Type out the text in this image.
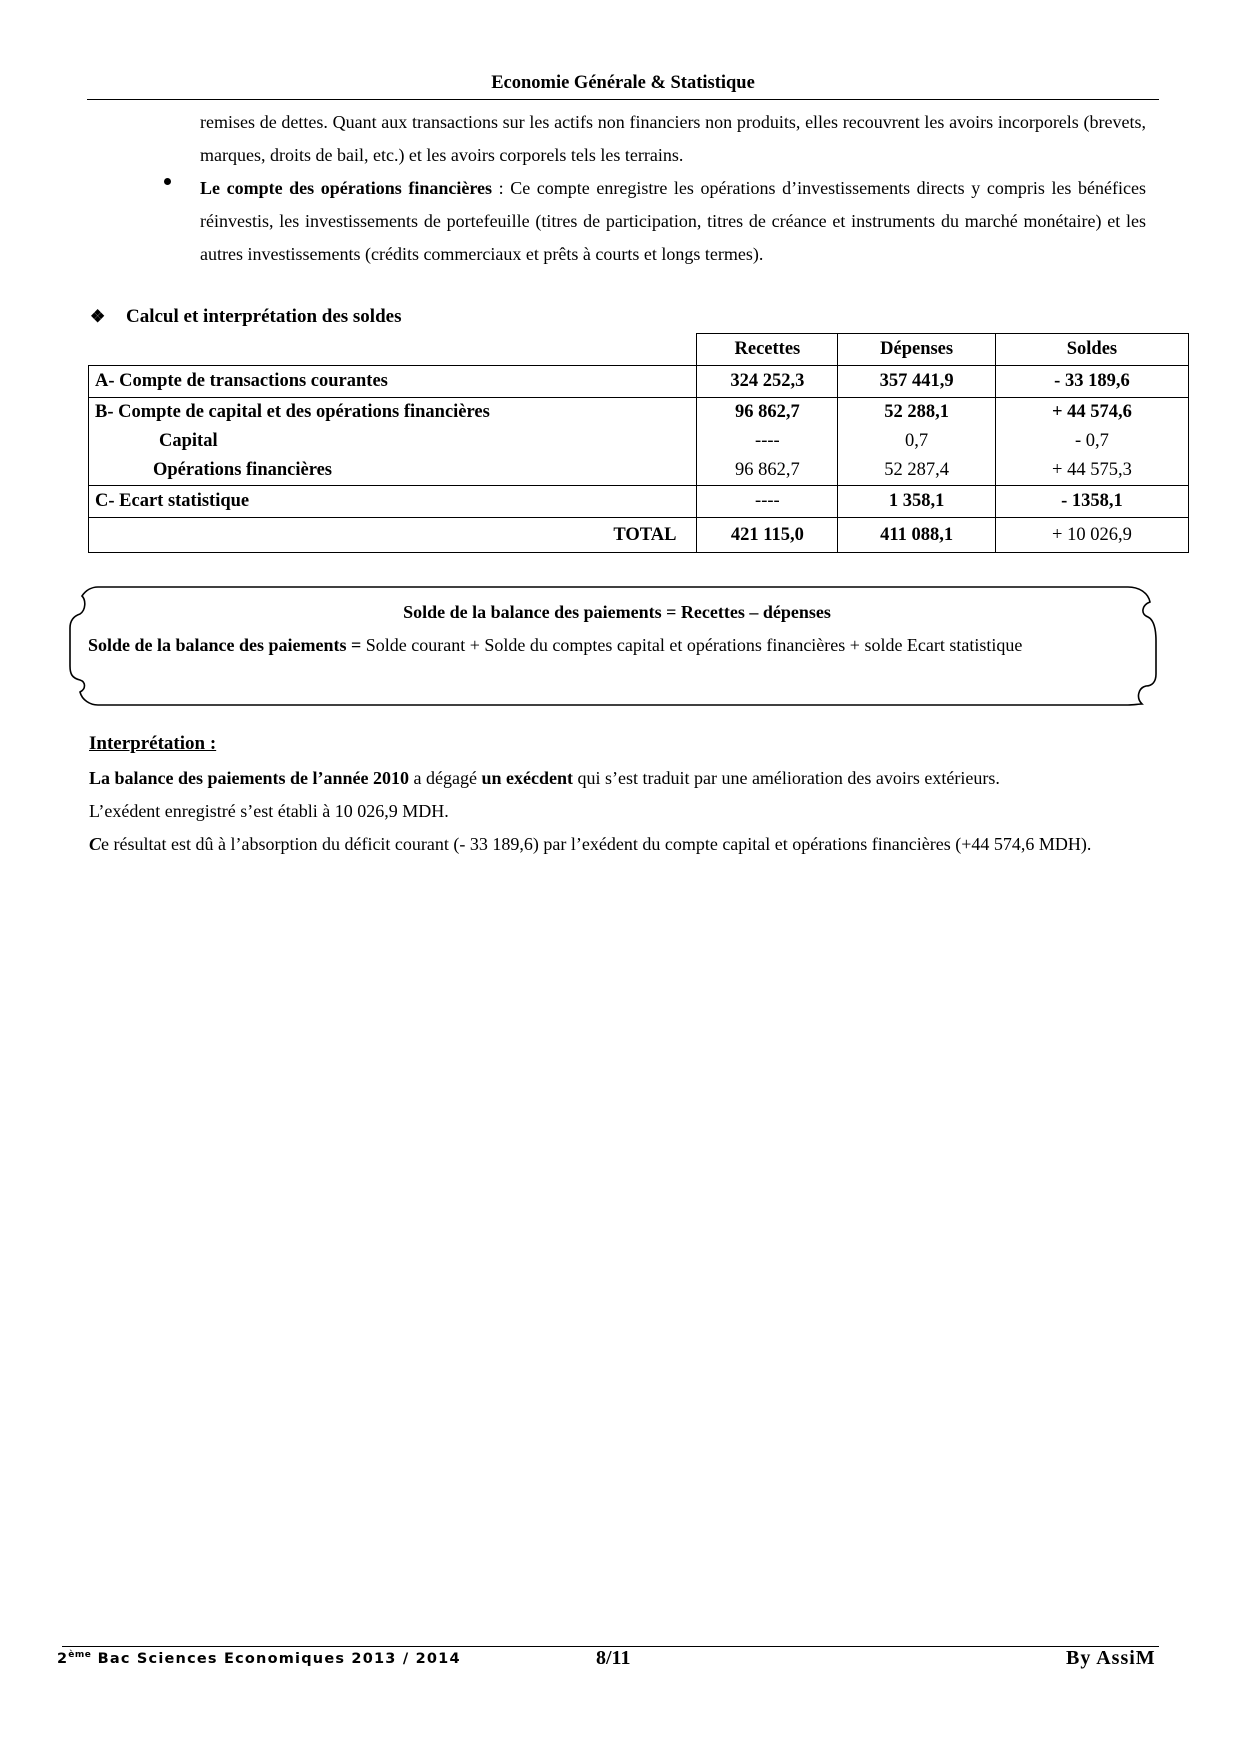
Economie Générale & Statistique
remises de dettes. Quant aux transactions sur les actifs non financiers non produits, elles recouvrent les avoirs incorporels (brevets, marques, droits de bail, etc.) et les avoirs corporels tels les terrains.
Le compte des opérations financières : Ce compte enregistre les opérations d’investissements directs y compris les bénéfices réinvestis, les investissements de portefeuille (titres de participation, titres de créance et instruments du marché monétaire) et les autres investissements (crédits commerciaux et prêts à courts et longs termes).
❖ Calcul et interprétation des soldes
	Recettes	Dépenses	Soldes
A- Compte de transactions courantes	324 252,3	357 441,9	- 33 189,6
B- Compte de capital et des opérations financières	96 862,7	52 288,1	+ 44 574,6
Capital	----	0,7	- 0,7
Opérations financières	96 862,7	52 287,4	+ 44 575,3
C- Ecart statistique	----	1 358,1	- 1358,1
TOTAL	421 115,0	411 088,1	+ 10 026,9
Solde de la balance des paiements = Recettes – dépenses
Solde de la balance des paiements = Solde courant + Solde du comptes capital et opérations financières + solde Ecart statistique
Interprétation :

La balance des paiements de l’année 2010 a dégagé un exécdent qui s’est traduit par une amélioration des avoirs extérieurs.

L’exédent enregistré s’est établi à 10 026,9 MDH.

Ce résultat est dû à l’absorption du déficit courant (- 33 189,6) par l’exédent du compte capital et opérations financières (+44 574,6 MDH).

2ème Bac Sciences Economiques 2013 / 2014	8/11	By AssiM
